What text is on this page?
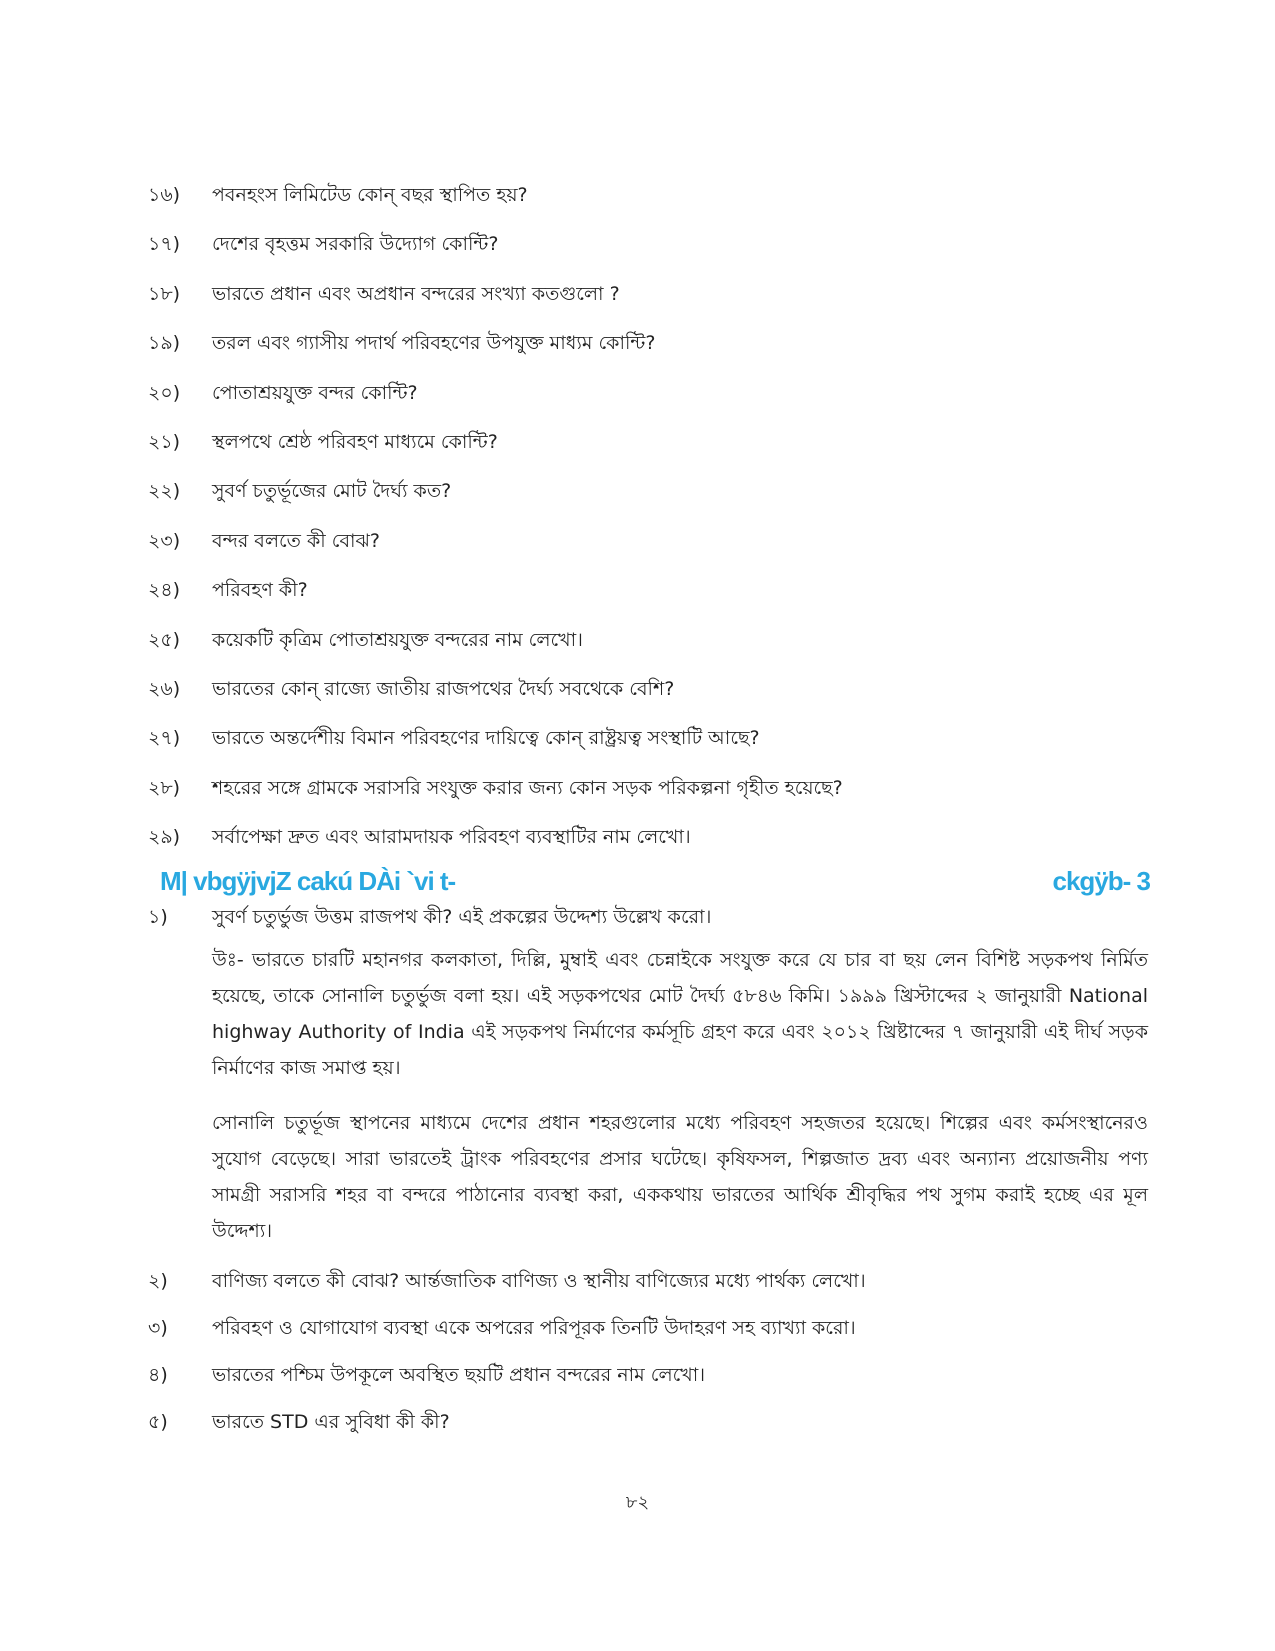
১৬)	পবনহংস লিমিটেড কোন্ বছর স্থাপিত হয়?
১৭)	দেশের বৃহত্তম সরকারি উদ্যোগ কোন্টি?
১৮)	ভারতে প্রধান এবং অপ্রধান বন্দরের সংখ্যা কতগুলো ?
১৯)	তরল এবং গ্যাসীয় পদার্থ পরিবহণের উপযুক্ত মাধ্যম কোন্টি?
২০)	পোতাশ্রয়যুক্ত বন্দর কোন্টি?
২১)	স্থলপথে শ্রেষ্ঠ পরিবহণ মাধ্যমে কোন্টি?
২২)	সুবর্ণ চতুর্ভূজের মোট দৈর্ঘ্য কত?
২৩)	বন্দর বলতে কী বোঝ?
২৪)	পরিবহণ কী?
২৫)	কয়েকটি কৃত্রিম পোতাশ্রয়যুক্ত বন্দরের নাম লেখো।
২৬)	ভারতের কোন্ রাজ্যে জাতীয় রাজপথের দৈর্ঘ্য সবথেকে বেশি?
২৭)	ভারতে অন্তর্দেশীয় বিমান পরিবহণের দায়িত্বে কোন্ রাষ্ট্রয়ত্ব সংস্থাটি আছে?
২৮)	শহরের সঙ্গে গ্রামকে সরাসরি সংযুক্ত করার জন্য কোন সড়ক পরিকল্পনা গৃহীত হয়েছে?
২৯)	সর্বাপেক্ষা দ্রুত এবং আরামদায়ক পরিবহণ ব্যবস্থাটির নাম লেখো।
M| vbgÿjvjZ cakú DÀi `vi t-	ckgÿb- 3
১)	সুবর্ণ চতুর্ভুজ উত্তম রাজপথ কী? এই প্রকল্পের উদ্দেশ্য উল্লেখ করো।

উঃ- ভারতে চারটি মহানগর কলকাতা, দিল্লি, মুম্বাই এবং চেন্নাইকে সংযুক্ত করে যে চার বা ছয় লেন বিশিষ্ট সড়কপথ নির্মিত হয়েছে, তাকে সোনালি চতুর্ভুজ বলা হয়। এই সড়কপথের মোট দৈর্ঘ্য ৫৮৪৬ কিমি। ১৯৯৯ খ্রিস্টাব্দের ২ জানুয়ারী National highway Authority of India এই সড়কপথ নির্মাণের কর্মসূচি গ্রহণ করে এবং ২০১২ খ্রিষ্টাব্দের ৭ জানুয়ারী এই দীর্ঘ সড়ক নির্মাণের কাজ সমাপ্ত হয়।

সোনালি চতুর্ভূজ স্থাপনের মাধ্যমে দেশের প্রধান শহরগুলোর মধ্যে পরিবহণ সহজতর হয়েছে। শিল্পের এবং কর্মসংস্থানেরও সুযোগ বেড়েছে। সারা ভারতেই ট্রাংক পরিবহণের প্রসার ঘটেছে। কৃষিফসল, শিল্পজাত দ্রব্য এবং অন্যান্য প্রয়োজনীয় পণ্য সামগ্রী সরাসরি শহর বা বন্দরে পাঠানোর ব্যবস্থা করা, এককথায় ভারতের আর্থিক শ্রীবৃদ্ধির পথ সুগম করাই হচ্ছে এর মূল উদ্দেশ্য।

২)	বাণিজ্য বলতে কী বোঝ? আর্ন্তজাতিক বাণিজ্য ও স্থানীয় বাণিজ্যের মধ্যে পার্থক্য লেখো।
৩)	পরিবহণ ও যোগাযোগ ব্যবস্থা একে অপরের পরিপূরক তিনটি উদাহরণ সহ ব্যাখ্যা করো।
৪)	ভারতের পশ্চিম উপকূলে অবস্থিত ছয়টি প্রধান বন্দরের নাম লেখো।
৫)	ভারতে STD এর সুবিধা কী কী?
৮২
